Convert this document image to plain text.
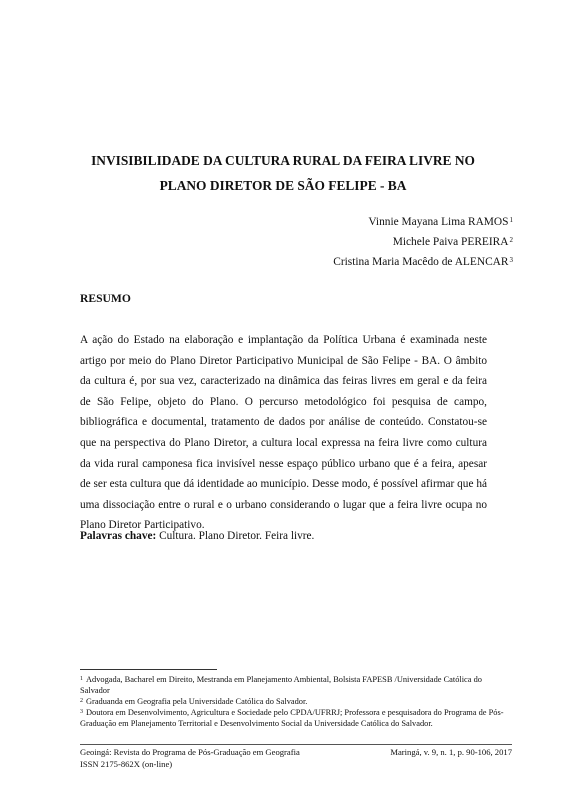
INVISIBILIDADE DA CULTURA RURAL DA FEIRA LIVRE NO
PLANO DIRETOR DE SÃO FELIPE - BA
Vinnie Mayana Lima RAMOS$^1$
Michele Paiva PEREIRA$^2$
Cristina Maria Macêdo de ALENCAR$^3$
RESUMO

A ação do Estado na elaboração e implantação da Política Urbana é examinada neste artigo por meio do Plano Diretor Participativo Municipal de São Felipe - BA. O âmbito da cultura é, por sua vez, caracterizado na dinâmica das feiras livres em geral e da feira de São Felipe, objeto do Plano. O percurso metodológico foi pesquisa de campo, bibliográfica e documental, tratamento de dados por análise de conteúdo. Constatou-se que na perspectiva do Plano Diretor, a cultura local expressa na feira livre como cultura da vida rural camponesa fica invisível nesse espaço público urbano que é a feira, apesar de ser esta cultura que dá identidade ao município. Desse modo, é possível afirmar que há uma dissociação entre o rural e o urbano considerando o lugar que a feira livre ocupa no Plano Diretor Participativo.

Palavras chave: Cultura. Plano Diretor. Feira livre.

$^1$ Advogada, Bacharel em Direito, Mestranda em Planejamento Ambiental, Bolsista FAPESB /Universidade Católica do Salvador

$^2$ Graduanda em Geografia pela Universidade Católica do Salvador.

$^3$ Doutora em Desenvolvimento, Agricultura e Sociedade pelo CPDA/UFRRJ; Professora e pesquisadora do Programa de Pós-Graduação em Planejamento Territorial e Desenvolvimento Social da Universidade Católica do Salvador.

Geoingá: Revista do Programa de Pós-Graduação em Geografia	Maringá, v. 9, n. 1, p. 90-106, 2017
ISSN 2175-862X (on-line)
